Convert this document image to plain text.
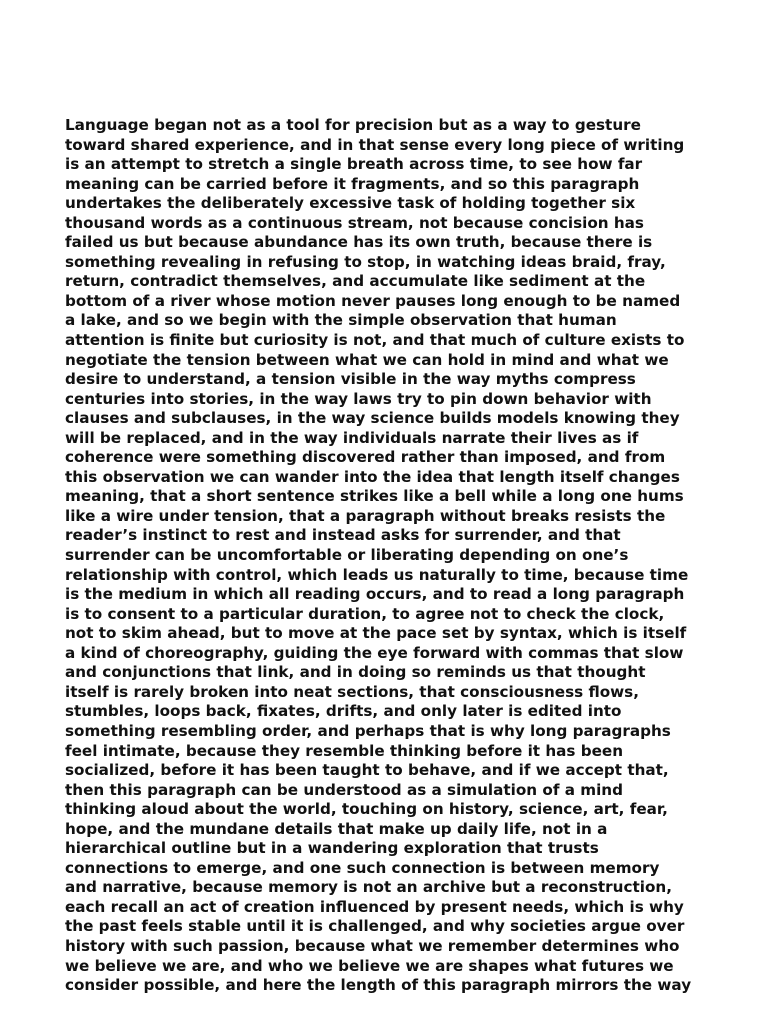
Language began not as a tool for precision but as a way to gesture
toward shared experience, and in that sense every long piece of writing
is an attempt to stretch a single breath across time, to see how far
meaning can be carried before it fragments, and so this paragraph
undertakes the deliberately excessive task of holding together six
thousand words as a continuous stream, not because concision has
failed us but because abundance has its own truth, because there is
something revealing in refusing to stop, in watching ideas braid, fray,
return, contradict themselves, and accumulate like sediment at the
bottom of a river whose motion never pauses long enough to be named
a lake, and so we begin with the simple observation that human
attention is finite but curiosity is not, and that much of culture exists to
negotiate the tension between what we can hold in mind and what we
desire to understand, a tension visible in the way myths compress
centuries into stories, in the way laws try to pin down behavior with
clauses and subclauses, in the way science builds models knowing they
will be replaced, and in the way individuals narrate their lives as if
coherence were something discovered rather than imposed, and from
this observation we can wander into the idea that length itself changes
meaning, that a short sentence strikes like a bell while a long one hums
like a wire under tension, that a paragraph without breaks resists the
reader’s instinct to rest and instead asks for surrender, and that
surrender can be uncomfortable or liberating depending on one’s
relationship with control, which leads us naturally to time, because time
is the medium in which all reading occurs, and to read a long paragraph
is to consent to a particular duration, to agree not to check the clock,
not to skim ahead, but to move at the pace set by syntax, which is itself
a kind of choreography, guiding the eye forward with commas that slow
and conjunctions that link, and in doing so reminds us that thought
itself is rarely broken into neat sections, that consciousness flows,
stumbles, loops back, fixates, drifts, and only later is edited into
something resembling order, and perhaps that is why long paragraphs
feel intimate, because they resemble thinking before it has been
socialized, before it has been taught to behave, and if we accept that,
then this paragraph can be understood as a simulation of a mind
thinking aloud about the world, touching on history, science, art, fear,
hope, and the mundane details that make up daily life, not in a
hierarchical outline but in a wandering exploration that trusts
connections to emerge, and one such connection is between memory
and narrative, because memory is not an archive but a reconstruction,
each recall an act of creation influenced by present needs, which is why
the past feels stable until it is challenged, and why societies argue over
history with such passion, because what we remember determines who
we believe we are, and who we believe we are shapes what futures we
consider possible, and here the length of this paragraph mirrors the way
